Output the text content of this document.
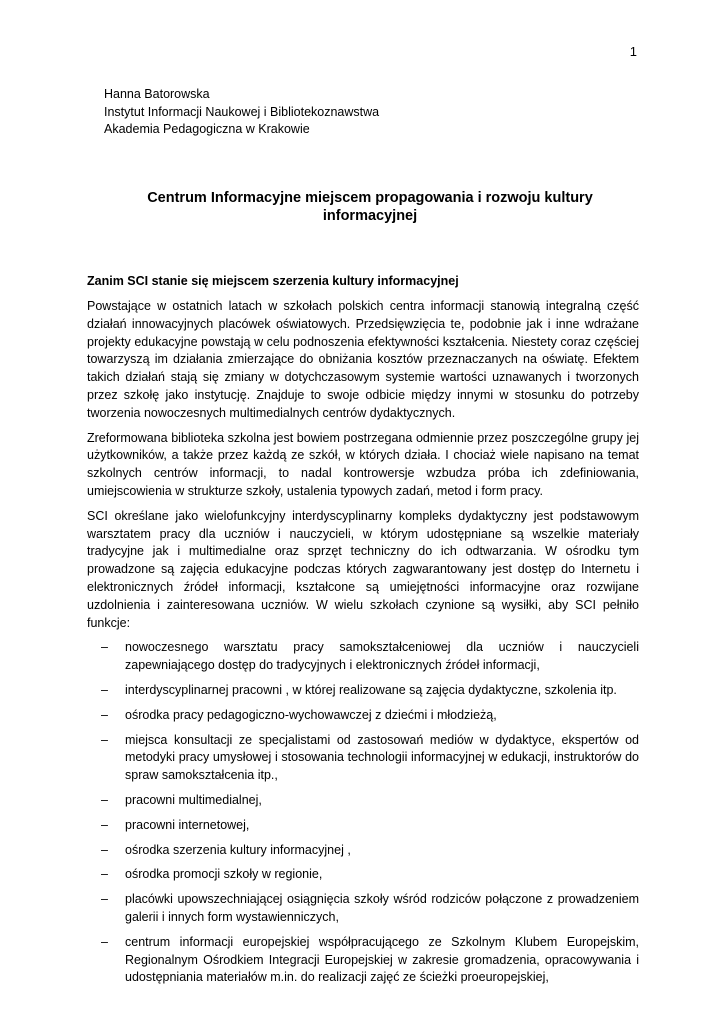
1
Hanna Batorowska
Instytut Informacji Naukowej i Bibliotekoznawstwa
Akademia Pedagogiczna w Krakowie
Centrum Informacyjne miejscem propagowania i rozwoju kultury informacyjnej
Zanim SCI stanie się miejscem szerzenia kultury informacyjnej

Powstające w ostatnich latach w szkołach polskich centra informacji stanowią integralną część działań innowacyjnych placówek oświatowych. Przedsięwzięcia te, podobnie jak i inne wdrażane projekty edukacyjne powstają w celu podnoszenia efektywności kształcenia. Niestety coraz częściej towarzyszą im działania zmierzające do obniżania kosztów przeznaczanych na oświatę. Efektem takich działań stają się zmiany w dotychczasowym systemie wartości uznawanych i tworzonych przez szkołę jako instytucję. Znajduje to swoje odbicie między innymi w stosunku do potrzeby tworzenia nowoczesnych multimedialnych centrów dydaktycznych.

Zreformowana biblioteka szkolna jest bowiem postrzegana odmiennie przez poszczególne grupy jej użytkowników, a także przez każdą ze szkół, w których działa. I chociaż wiele napisano na temat szkolnych centrów informacji, to nadal kontrowersje wzbudza próba ich zdefiniowania, umiejscowienia w strukturze szkoły, ustalenia typowych zadań, metod i form pracy.

SCI określane jako wielofunkcyjny interdyscyplinarny kompleks dydaktyczny jest podstawowym warsztatem pracy dla uczniów i nauczycieli, w którym udostępniane są wszelkie materiały tradycyjne jak i multimedialne oraz sprzęt techniczny do ich odtwarzania. W ośrodku tym prowadzone są zajęcia edukacyjne podczas których zagwarantowany jest dostęp do Internetu i elektronicznych źródeł informacji, kształcone są umiejętności informacyjne oraz rozwijane uzdolnienia i zainteresowana uczniów. W wielu szkołach czynione są wysiłki, aby SCI pełniło funkcje:

– nowoczesnego warsztatu pracy samokształceniowej dla uczniów i nauczycieli zapewniającego dostęp do tradycyjnych i elektronicznych źródeł informacji,
– interdyscyplinarnej pracowni , w której realizowane są zajęcia dydaktyczne, szkolenia itp.
– ośrodka pracy pedagogiczno-wychowawczej z dziećmi i młodzieżą,
– miejsca konsultacji ze specjalistami od zastosowań mediów w dydaktyce, ekspertów od metodyki pracy umysłowej i stosowania technologii informacyjnej w edukacji, instruktorów do spraw samokształcenia itp.,
– pracowni multimedialnej,
– pracowni internetowej,
– ośrodka szerzenia kultury informacyjnej ,
– ośrodka promocji szkoły w regionie,
– placówki upowszechniającej osiągnięcia szkoły wśród rodziców połączone z prowadzeniem galerii i innych form wystawienniczych,
– centrum informacji europejskiej współpracującego ze Szkolnym Klubem Europejskim, Regionalnym Ośrodkiem Integracji Europejskiej w zakresie gromadzenia, opracowywania i udostępniania materiałów m.in. do realizacji zajęć ze ścieżki proeuropejskiej,
